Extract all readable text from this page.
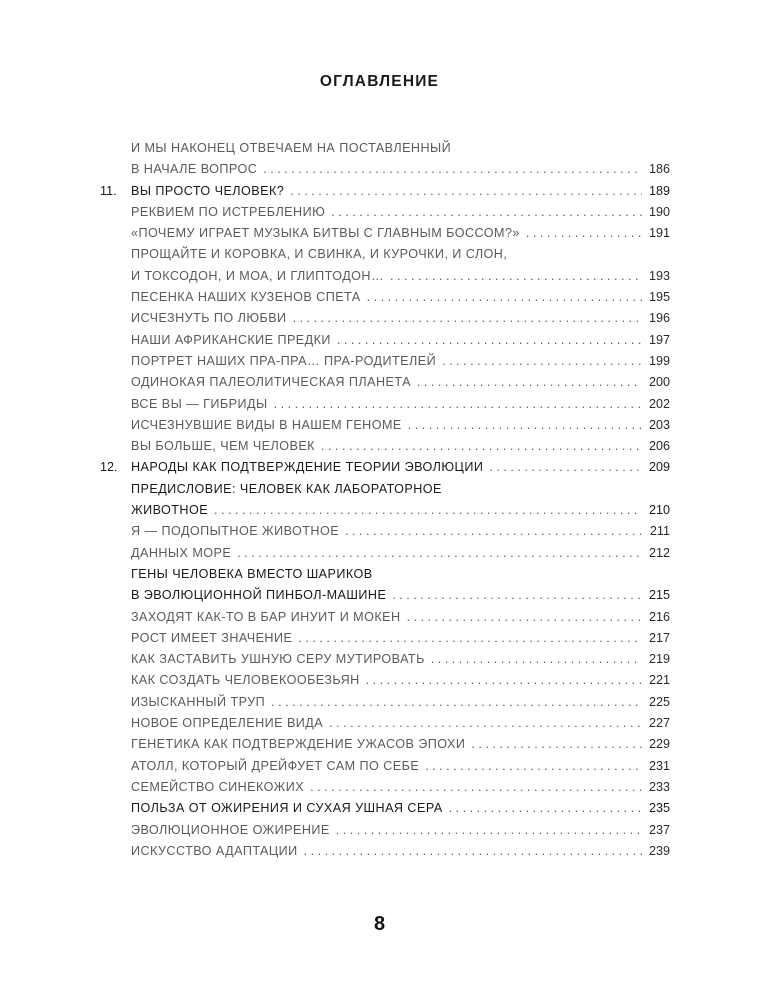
ОГЛАВЛЕНИЕ
И МЫ НАКОНЕЦ ОТВЕЧАЕМ НА ПОСТАВЛЕННЫЙ
В НАЧАЛЕ ВОПРОС . . .	186
11.	ВЫ ПРОСТО ЧЕЛОВЕК? . . .	189
РЕКВИЕМ ПО ИСТРЕБЛЕНИЮ . . .	190
«ПОЧЕМУ ИГРАЕТ МУЗЫКА БИТВЫ С ГЛАВНЫМ БОССОМ?» . . .	191
ПРОЩАЙТЕ И КОРОВКА, И СВИНКА, И КУРОЧКИ, И СЛОН,
И ТОКСОДОН, И МОА, И ГЛИПТОДОН… . . .	193
ПЕСЕНКА НАШИХ КУЗЕНОВ СПЕТА . . .	195
ИСЧЕЗНУТЬ ПО ЛЮБВИ . . .	196
НАШИ АФРИКАНСКИЕ ПРЕДКИ . . .	197
ПОРТРЕТ НАШИХ ПРА-ПРА… ПРА-РОДИТЕЛЕЙ . . .	199
ОДИНОКАЯ ПАЛЕОЛИТИЧЕСКАЯ ПЛАНЕТА . . .	200
ВСЕ ВЫ — ГИБРИДЫ . . .	202
ИСЧЕЗНУВШИЕ ВИДЫ В НАШЕМ ГЕНОМЕ . . .	203
ВЫ БОЛЬШЕ, ЧЕМ ЧЕЛОВЕК . . .	206
12.	НАРОДЫ КАК ПОДТВЕРЖДЕНИЕ ТЕОРИИ ЭВОЛЮЦИИ . . .	209
ПРЕДИСЛОВИЕ: ЧЕЛОВЕК КАК ЛАБОРАТОРНОЕ
ЖИВОТНОЕ . . .	210
Я — ПОДОПЫТНОЕ ЖИВОТНОЕ . . .	211
ДАННЫХ МОРЕ . . .	212
ГЕНЫ ЧЕЛОВЕКА ВМЕСТО ШАРИКОВ
В ЭВОЛЮЦИОННОЙ ПИНБОЛ-МАШИНЕ . . .	215
ЗАХОДЯТ КАК-ТО В БАР ИНУИТ И МОКЕН . . .	216
РОСТ ИМЕЕТ ЗНАЧЕНИЕ . . .	217
КАК ЗАСТАВИТЬ УШНУЮ СЕРУ МУТИРОВАТЬ . . .	219
КАК СОЗДАТЬ ЧЕЛОВЕКООБЕЗЬЯН . . .	221
ИЗЫСКАННЫЙ ТРУП . . .	225
НОВОЕ ОПРЕДЕЛЕНИЕ ВИДА . . .	227
ГЕНЕТИКА КАК ПОДТВЕРЖДЕНИЕ УЖАСОВ ЭПОХИ . . .	229
АТОЛЛ, КОТОРЫЙ ДРЕЙФУЕТ САМ ПО СЕБЕ . . .	231
СЕМЕЙСТВО СИНЕКОЖИХ . . .	233
ПОЛЬЗА ОТ ОЖИРЕНИЯ И СУХАЯ УШНАЯ СЕРА . . .	235
ЭВОЛЮЦИОННОЕ ОЖИРЕНИЕ . . .	237
ИСКУССТВО АДАПТАЦИИ . . .	239
8
